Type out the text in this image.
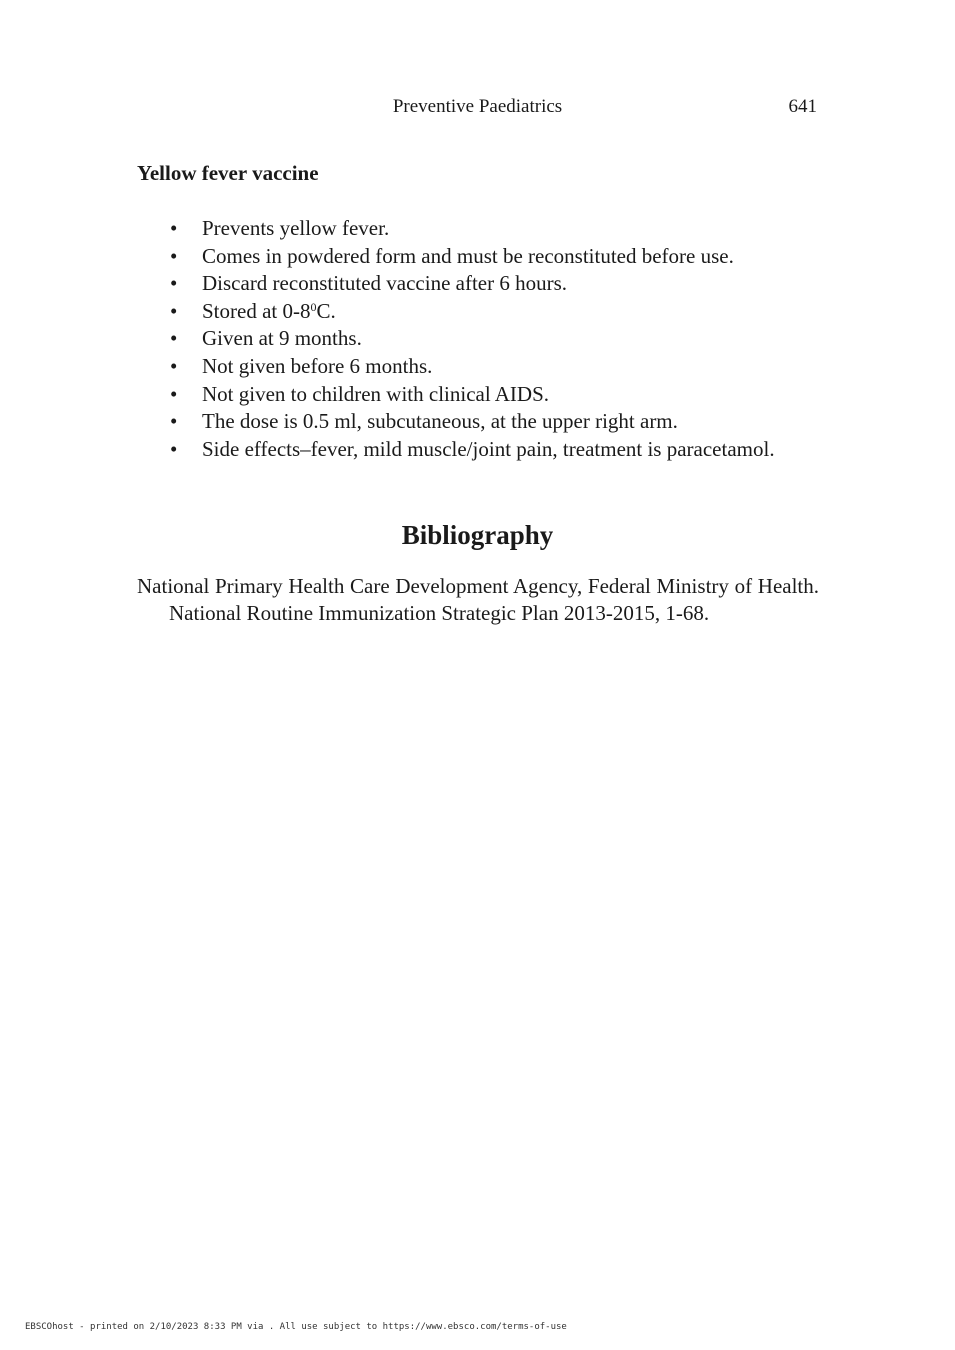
Preventive Paediatrics	641
Yellow fever vaccine
• Prevents yellow fever.
• Comes in powdered form and must be reconstituted before use.
• Discard reconstituted vaccine after 6 hours.
• Stored at $0-8^0C$.
• Given at 9 months.
• Not given before 6 months.
• Not given to children with clinical AIDS.
• The dose is 0.5 ml, subcutaneous, at the upper right arm.
• Side effects–fever, mild muscle/joint pain, treatment is paracetamol.
Bibliography

National Primary Health Care Development Agency, Federal Ministry of Health. National Routine Immunization Strategic Plan 2013-2015, 1-68.

EBSCOhost - printed on 2/10/2023 8:33 PM via . All use subject to https://www.ebsco.com/terms-of-use
